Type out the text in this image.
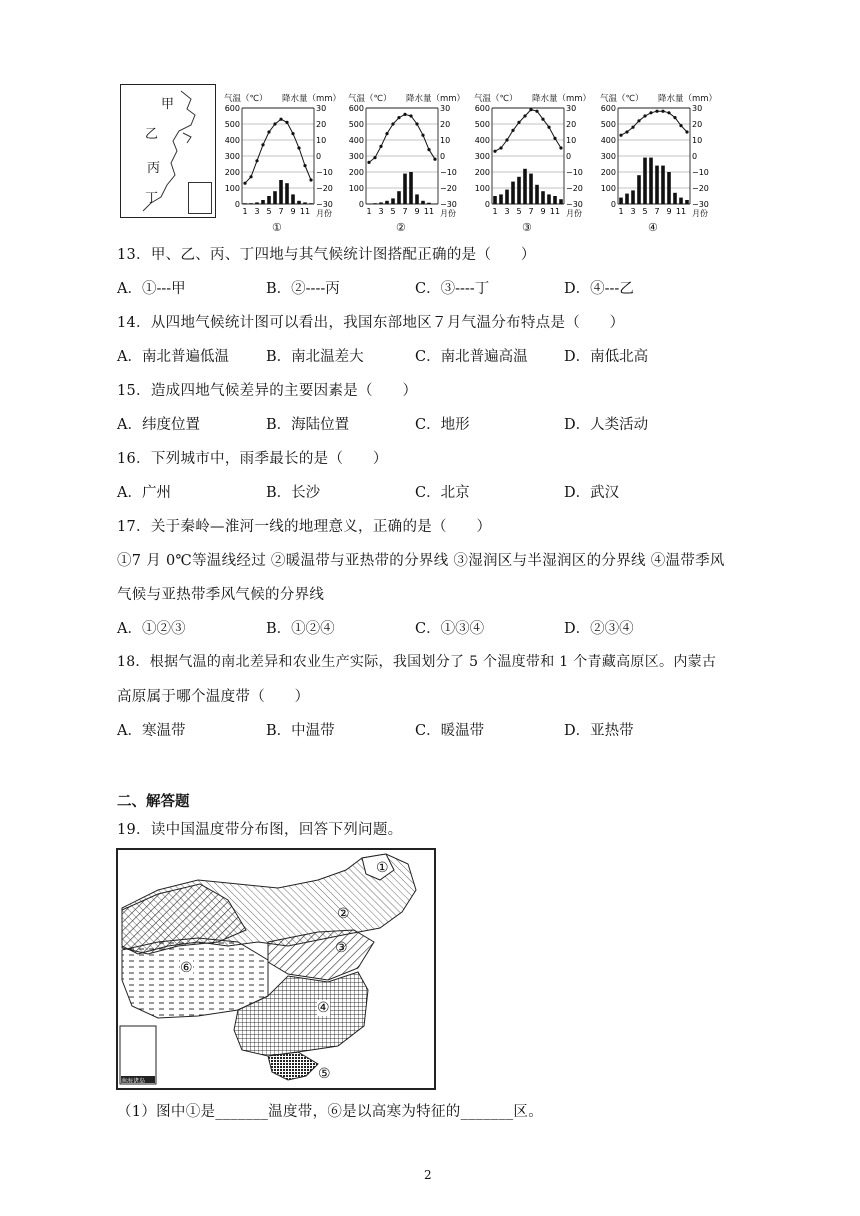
甲
乙
丙
丁
600	30
500	20
400	10
300	0
200	−10
100	−20
0	−30
1 3 5 7 9 11 月份
气温（℃） 降水量（mm）
①
600	30
500	20
400	10
300	0
200	−10
100	−20
0	−30
1 3 5 7 9 11 月份
气温（℃） 降水量（mm）
②
600	30
500	20
400	10
300	0
200	−10
100	−20
0	−30
1 3 5 7 9 11 月份
气温（℃） 降水量（mm）
③
600	30
500	20
400	10
300	0
200	−10
100	−20
0	−30
1 3 5 7 9 11 月份
气温（℃） 降水量（mm）
④
13．甲、乙、丙、丁四地与其气候统计图搭配正确的是（　　）
A．①---甲	B．②----丙	C．③----丁	D．④---乙
14．从四地气候统计图可以看出，我国东部地区７月气温分布特点是（　　）
A．南北普遍低温	B．南北温差大	C．南北普遍高温	D．南低北高
15．造成四地气候差异的主要因素是（　　）
A．纬度位置	B．海陆位置	C．地形	D．人类活动
16．下列城市中，雨季最长的是（　　）
A．广州	B．长沙	C．北京	D．武汉
17．关于秦岭—淮河一线的地理意义，正确的是（　　）
①7 月 0℃等温线经过 ②暖温带与亚热带的分界线 ③湿润区与半湿润区的分界线 ④温带季风
气候与亚热带季风气候的分界线
A．①②③	B．①②④	C．①③④	D．②③④
18．根据气温的南北差异和农业生产实际，我国划分了 5 个温度带和 1 个青藏高原区。内蒙古
高原属于哪个温度带（　　）
A．寒温带	B．中温带	C．暖温带	D．亚热带
二、解答题
19．读中国温度带分布图，回答下列问题。
①
②
③
④
⑤
⑥
南海诸岛
（1）图中①是_______温度带，⑥是以高寒为特征的_______区。
2
